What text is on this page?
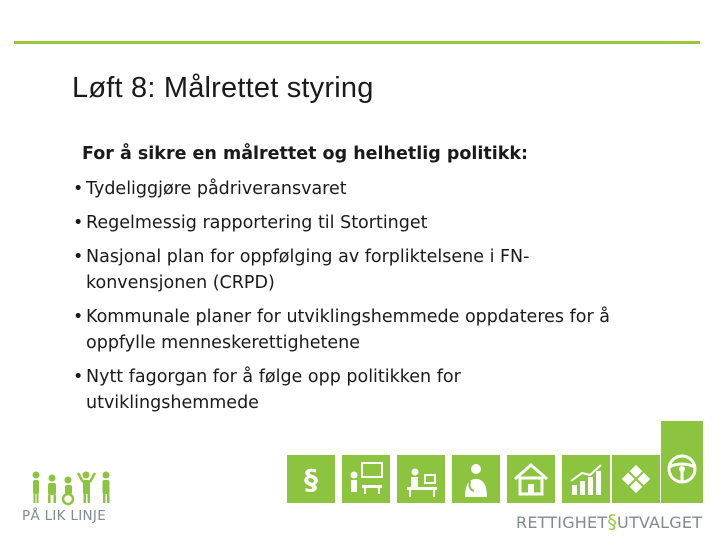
Løft 8: Målrettet styring

For å sikre en målrettet og helhetlig politikk:

• Tydeliggjøre pådriveransvaret
• Regelmessig rapportering til Stortinget
• Nasjonal plan for oppfølging av forpliktelsene i FN-
konvensjonen (CRPD)
• Kommunale planer for utviklingshemmede oppdateres for å
oppfylle menneskerettighetene
• Nytt fagorgan for å følge opp politikken for
utviklingshemmede
PÅ LIK LINJE
§
RETTIGHET§UTVALGET
